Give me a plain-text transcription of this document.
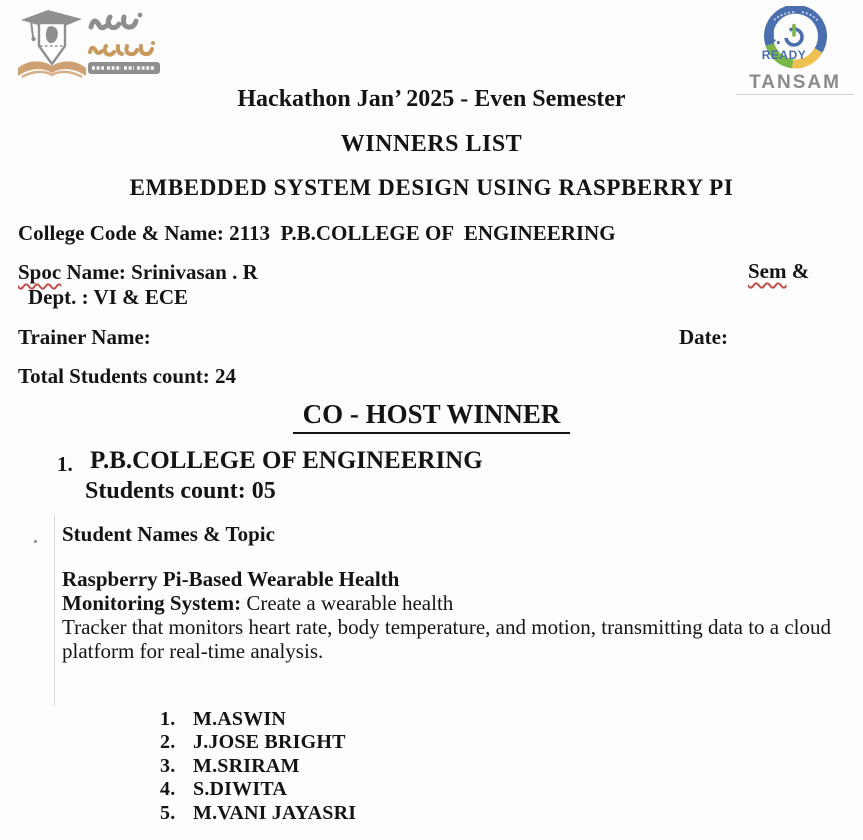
4.
READY
TANSAM
Hackathon Jan’ 2025 - Even Semester
WINNERS LIST
EMBEDDED SYSTEM DESIGN USING RASPBERRY PI
College Code & Name: 2113  P.B.COLLEGE OF  ENGINEERING
Spoc Name: Srinivasan . R	Sem &
Dept. : VI & ECE
Trainer Name:	Date:
Total Students count: 24
CO - HOST WINNER
1. P.B.COLLEGE OF ENGINEERING
Students count: 05
Student Names & Topic
Raspberry Pi-Based Wearable Health
Monitoring System: Create a wearable health
Tracker that monitors heart rate, body temperature, and motion, transmitting data to a cloud
platform for real-time analysis.
1. M.ASWIN
2. J.JOSE BRIGHT
3. M.SRIRAM
4. S.DIWITA
5. M.VANI JAYASRI
